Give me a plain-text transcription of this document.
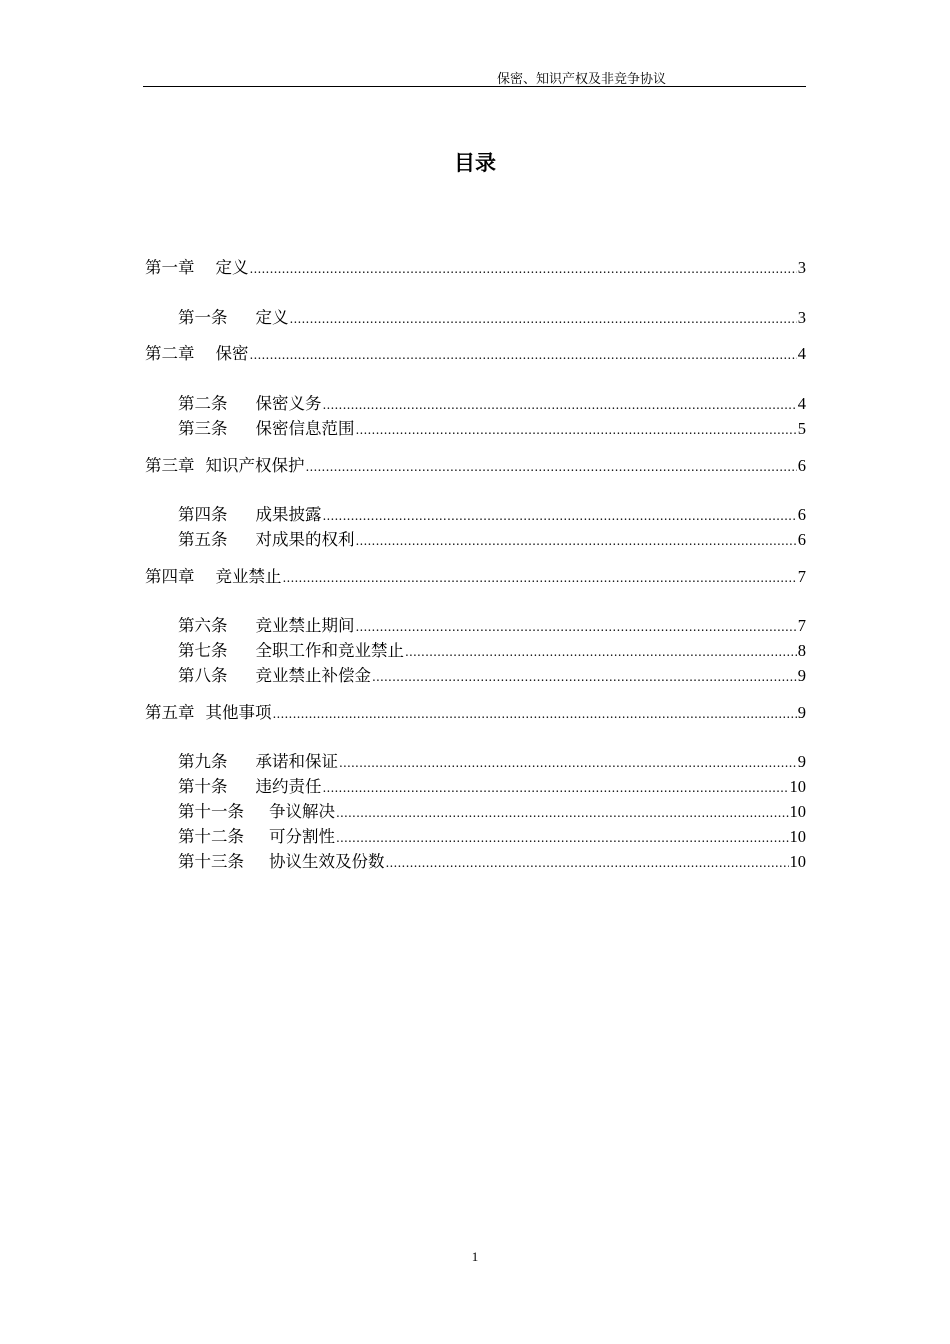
保密、知识产权及非竞争协议
目录
第一章 定义 .....	3
第一条 定义 .....	3
第二章 保密 .....	4
第二条 保密义务 .....	4
第三条 保密信息范围 .....	5
第三章 知识产权保护 .....	6
第四条 成果披露 .....	6
第五条 对成果的权利 .....	6
第四章 竞业禁止 .....	7
第六条 竞业禁止期间 .....	7
第七条 全职工作和竞业禁止 .....	8
第八条 竞业禁止补偿金 .....	9
第五章 其他事项 .....	9
第九条 承诺和保证 .....	9
第十条 违约责任 .....	10
第十一条 争议解决 .....	10
第十二条 可分割性 .....	10
第十三条 协议生效及份数 .....	10
1
